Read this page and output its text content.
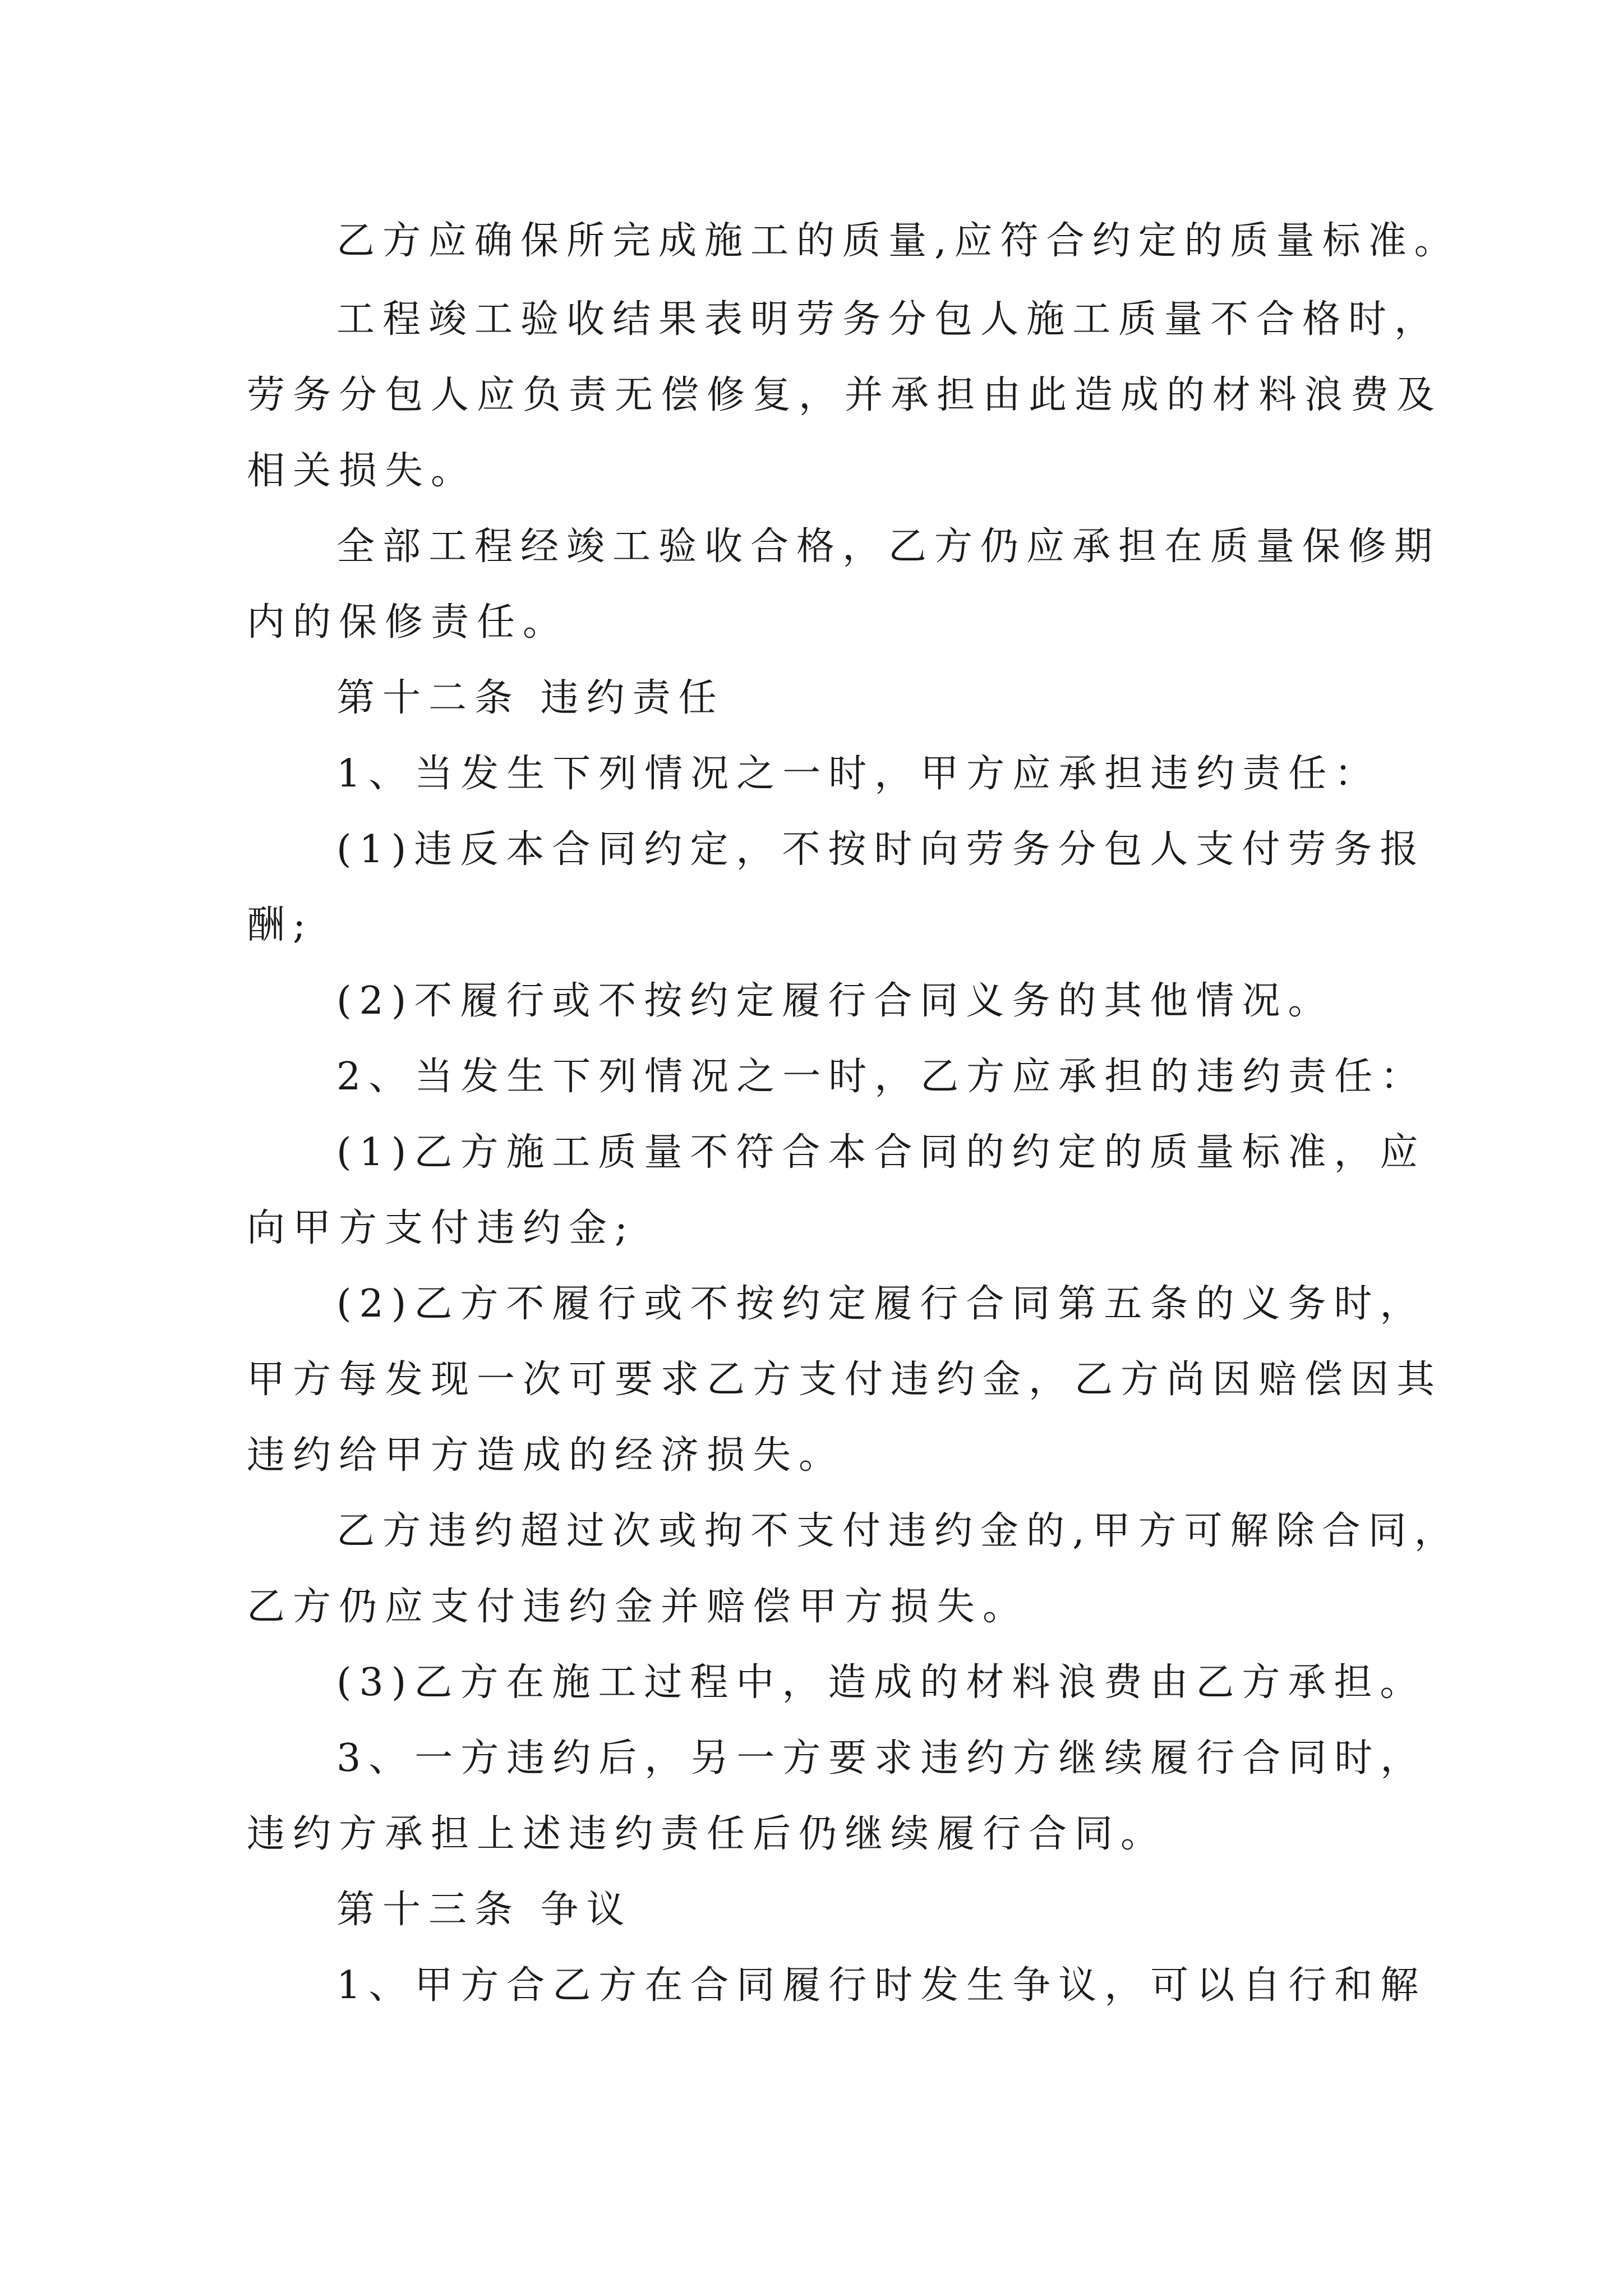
乙方应确保所完成施工的质量,应符合约定的质量标准。
工程竣工验收结果表明劳务分包人施工质量不合格时，
劳务分包人应负责无偿修复，并承担由此造成的材料浪费及
相关损失。
全部工程经竣工验收合格，乙方仍应承担在质量保修期
内的保修责任。
第十二条 违约责任
1、当发生下列情况之一时，甲方应承担违约责任：
(1)违反本合同约定，不按时向劳务分包人支付劳务报
酬;
(2)不履行或不按约定履行合同义务的其他情况。
2、当发生下列情况之一时，乙方应承担的违约责任：
(1)乙方施工质量不符合本合同的约定的质量标准，应
向甲方支付违约金;
(2)乙方不履行或不按约定履行合同第五条的义务时，
甲方每发现一次可要求乙方支付违约金，乙方尚因赔偿因其
违约给甲方造成的经济损失。
乙方违约超过次或拘不支付违约金的,甲方可解除合同，
乙方仍应支付违约金并赔偿甲方损失。
(3)乙方在施工过程中，造成的材料浪费由乙方承担。
3、一方违约后，另一方要求违约方继续履行合同时，
违约方承担上述违约责任后仍继续履行合同。
第十三条 争议
1、甲方合乙方在合同履行时发生争议，可以自行和解
